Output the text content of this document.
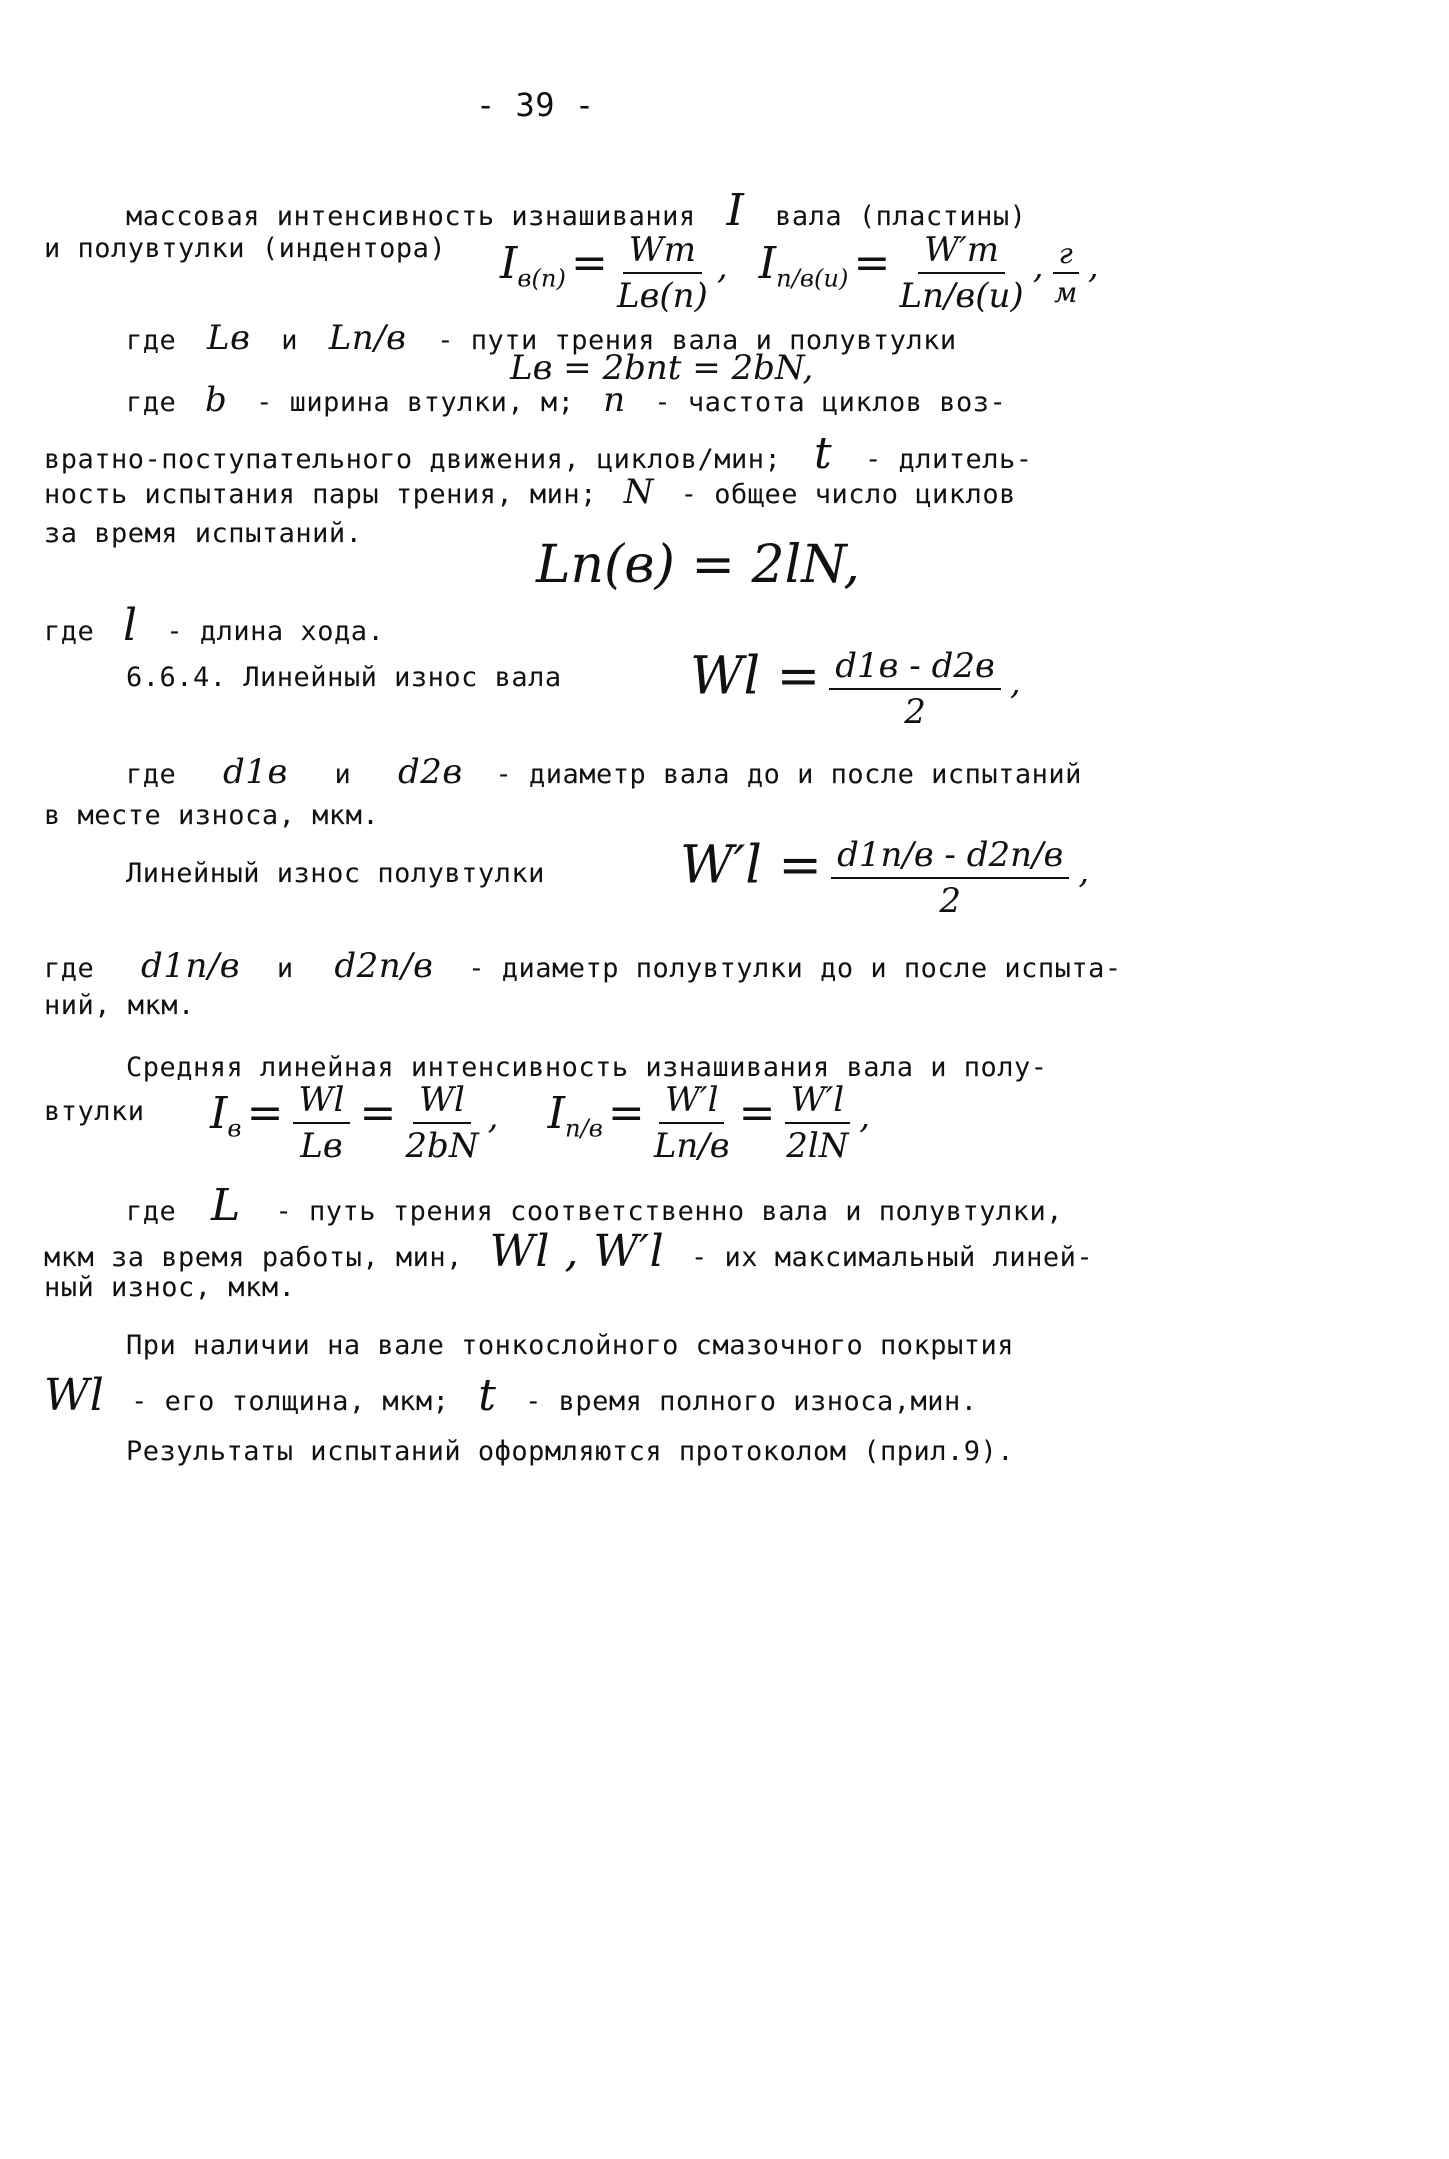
- 39 -
массовая интенсивность изнашивания I вала (пластины)
и полувтулки (индентора) $I_{в(п)} = \frac{Wm}{Lв(п)}$ , $I_{п/в(и)} = \frac{W'm}{Lп/в(и)}$ , $\frac{г}{м}$ ,
где Lв и Lп/в - пути трения вала и полувтулки
Lв = 2bnt = 2bN,
где b - ширина втулки, м; n - частота циклов воз-
вратно-поступательного движения, циклов/мин; t - длитель-
ность испытания пары трения, мин; N - общее число циклов
за время испытаний.
Lп(в) = 2lN,
где l - длина хода.
6.6.4. Линейный износ вала $Wl = \frac{d1в - d2в}{2}$ ,
где d1в и d2в - диаметр вала до и после испытаний
в месте износа, мкм.
Линейный износ полувтулки	$W'l = \frac{d1п/в - d2п/в}{2}$ ,
где d1п/в и d2п/в - диаметр полувтулки до и после испыта-
ний, мкм.
Средняя линейная интенсивность изнашивания вала и полу-
втулки $I_в = \frac{Wl}{Lв} = \frac{Wl}{2bN}$ , $I_{п/в} = \frac{W'l}{Lп/в} = \frac{W'l}{2lN}$ ,
где L - путь трения соответственно вала и полувтулки,
мкм за время работы, мин, Wl , W′l - их максимальный линей-
ный износ, мкм.
При наличии на вале тонкослойного смазочного покрытия
Wl - его толщина, мкм; t - время полного износа,мин.
Результаты испытаний оформляются протоколом (прил.9).
